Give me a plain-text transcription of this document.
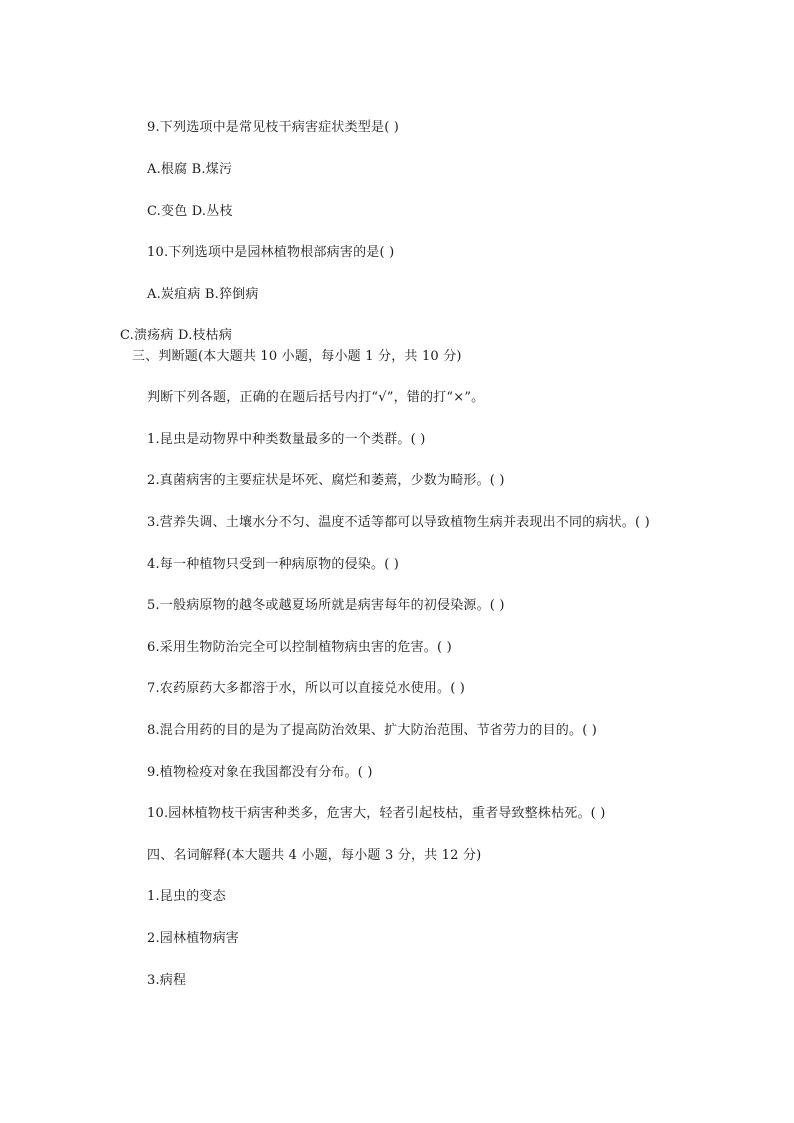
9.下列选项中是常见枝干病害症状类型是( )
A.根腐 B.煤污
C.变色 D.丛枝
10.下列选项中是园林植物根部病害的是( )
A.炭疽病 B.猝倒病
C.溃疡病 D.枝枯病
三、判断题(本大题共 10 小题，每小题 1 分，共 10 分)
判断下列各题，正确的在题后括号内打“√”，错的打“×”。
1.昆虫是动物界中种类数量最多的一个类群。( )
2.真菌病害的主要症状是坏死、腐烂和萎蔫，少数为畸形。( )
3.营养失调、土壤水分不匀、温度不适等都可以导致植物生病并表现出不同的病状。( )
4.每一种植物只受到一种病原物的侵染。( )
5.一般病原物的越冬或越夏场所就是病害每年的初侵染源。( )
6.采用生物防治完全可以控制植物病虫害的危害。( )
7.农药原药大多都溶于水，所以可以直接兑水使用。( )
8.混合用药的目的是为了提高防治效果、扩大防治范围、节省劳力的目的。( )
9.植物检疫对象在我国都没有分布。( )
10.园林植物枝干病害种类多，危害大，轻者引起枝枯，重者导致整株枯死。( )
四、名词解释(本大题共 4 小题，每小题 3 分，共 12 分)
1.昆虫的变态
2.园林植物病害
3.病程
